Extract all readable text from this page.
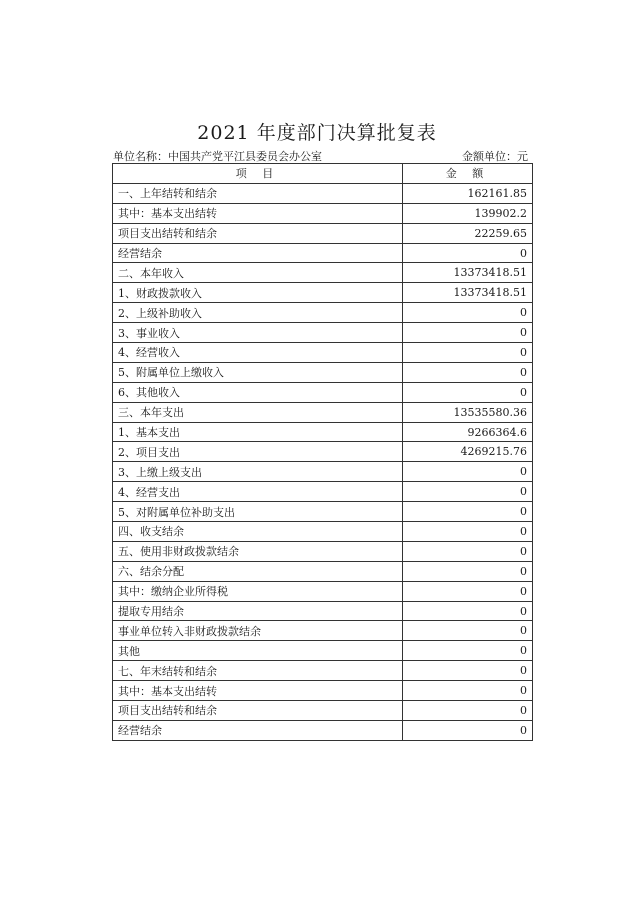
2021 年度部门决算批复表
单位名称：中国共产党平江县委员会办公室	金额单位：元
项 目	金 额
一、上年结转和结余	162161.85
其中：基本支出结转	139902.2
项目支出结转和结余	22259.65
经营结余	0
二、本年收入	13373418.51
1、财政拨款收入	13373418.51
2、上级补助收入	0
3、事业收入	0
4、经营收入	0
5、附属单位上缴收入	0
6、其他收入	0
三、本年支出	13535580.36
1、基本支出	9266364.6
2、项目支出	4269215.76
3、上缴上级支出	0
4、经营支出	0
5、对附属单位补助支出	0
四、收支结余	0
五、使用非财政拨款结余	0
六、结余分配	0
其中：缴纳企业所得税	0
提取专用结余	0
事业单位转入非财政拨款结余	0
其他	0
七、年末结转和结余	0
其中：基本支出结转	0
项目支出结转和结余	0
经营结余	0
